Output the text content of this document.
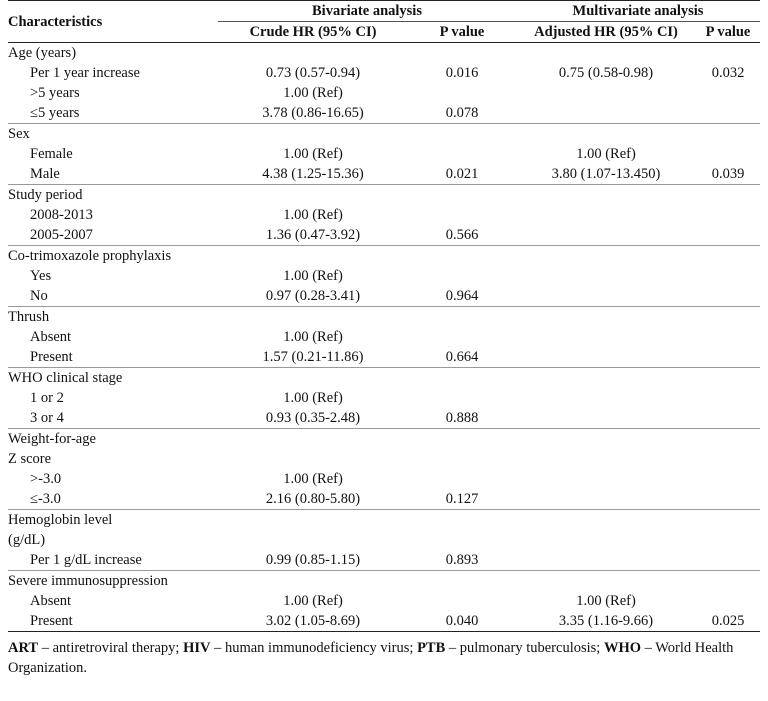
Characteristics	Bivariate analysis		Multivariate analysis	
	Crude HR (95% CI)	P value	Adjusted HR (95% CI)	P value
Age (years)				
Per 1 year increase	0.73 (0.57-0.94)	0.016	0.75 (0.58-0.98)	0.032
>5 years	1.00 (Ref)			
≤5 years	3.78 (0.86-16.65)	0.078		
Sex				
Female	1.00 (Ref)		1.00 (Ref)	
Male	4.38 (1.25-15.36)	0.021	3.80 (1.07-13.450)	0.039
Study period				
2008-2013	1.00 (Ref)			
2005-2007	1.36 (0.47-3.92)	0.566		
Co-trimoxazole prophylaxis				
Yes	1.00 (Ref)			
No	0.97 (0.28-3.41)	0.964		
Thrush				
Absent	1.00 (Ref)			
Present	1.57 (0.21-11.86)	0.664		
WHO clinical stage				
1 or 2	1.00 (Ref)			
3 or 4	0.93 (0.35-2.48)	0.888		
Weight-for-age				
Z score				
>-3.0	1.00 (Ref)			
≤-3.0	2.16 (0.80-5.80)	0.127		
Hemoglobin level				
(g/dL)				
Per 1 g/dL increase	0.99 (0.85-1.15)	0.893		
Severe immunosuppression				
Absent	1.00 (Ref)		1.00 (Ref)	
Present	3.02 (1.05-8.69)	0.040	3.35 (1.16-9.66)	0.025
ART – antiretroviral therapy; HIV – human immunodeficiency virus; PTB – pulmonary tuberculosis; WHO – World Health Organization.
